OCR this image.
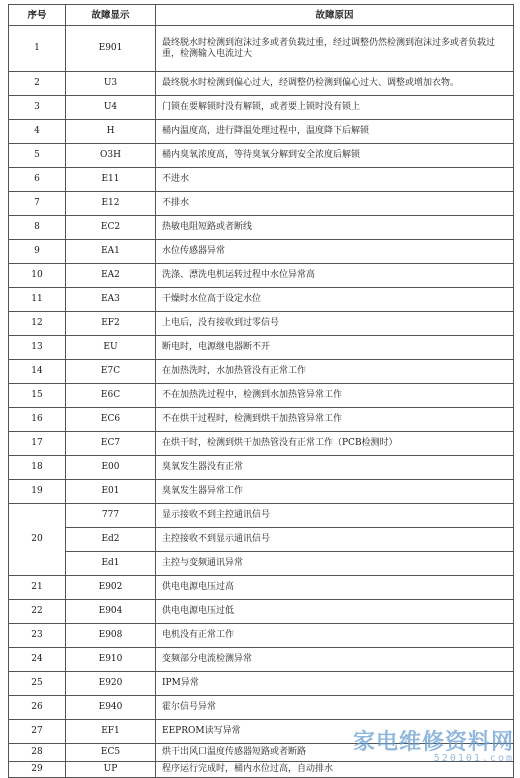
序号	故障显示	故障原因
1	E901	最终脱水时检测到泡沫过多或者负载过重，经过调整仍然检测到泡沫过多或者负载过重，检测输入电流过大
2	U3	最终脱水时检测到偏心过大，经调整仍检测到偏心过大、调整或增加衣物。
3	U4	门锁在要解锁时没有解锁，或者要上锁时没有锁上
4	H	桶内温度高，进行降温处理过程中，温度降下后解锁
5	O3H	桶内臭氧浓度高，等待臭氧分解到安全浓度后解锁
6	E11	不进水
7	E12	不排水
8	EC2	热敏电阻短路或者断线
9	EA1	水位传感器异常
10	EA2	洗涤、漂洗电机运转过程中水位异常高
11	EA3	干燥时水位高于设定水位
12	EF2	上电后，没有接收到过零信号
13	EU	断电时，电源继电器断不开
14	E7C	在加热洗时，水加热管没有正常工作
15	E6C	不在加热洗过程中，检测到水加热管异常工作
16	EC6	不在烘干过程时，检测到烘干加热管异常工作
17	EC7	在烘干时，检测到烘干加热管没有正常工作（PCB检测时）
18	E00	臭氧发生器没有正常
19	E01	臭氧发生器异常工作
20	777	显示接收不到主控通讯信号
	Ed2	主控接收不到显示通讯信号
	Ed1	主控与变频通讯异常
21	E902	供电电源电压过高
22	E904	供电电源电压过低
23	E908	电机没有正常工作
24	E910	变频部分电流检测异常
25	E920	IPM异常
26	E940	霍尔信号异常
27	EF1	EEPROM读写异常
28	EC5	烘干出风口温度传感器短路或者断路
29	UP	程序运行完成时，桶内水位过高，自动排水
家电维修资料网
520101.com
